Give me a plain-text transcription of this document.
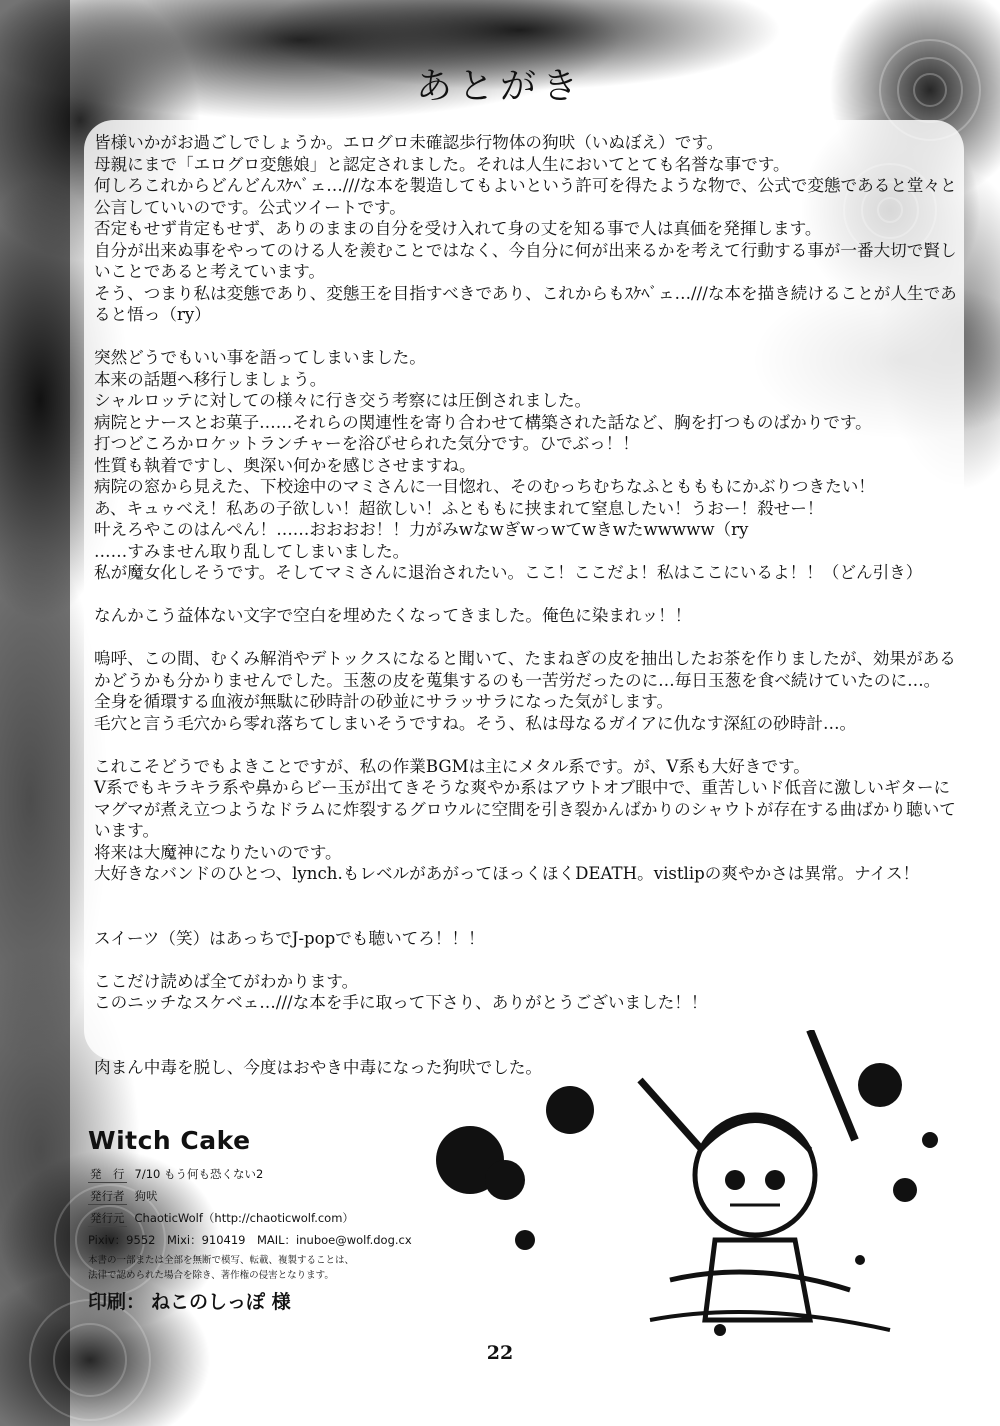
あとがき
皆様いかがお過ごしでしょうか。エログロ未確認歩行物体の狗吠（いぬぼえ）です。
母親にまで「エログロ変態娘」と認定されました。それは人生においてとても名誉な事です。
何しろこれからどんどんｽｹﾍﾞェ…///な本を製造してもよいという許可を得たような物で、公式で変態であると堂々と
公言していいのです。公式ツイートです。
否定もせず肯定もせず、ありのままの自分を受け入れて身の丈を知る事で人は真価を発揮します。
自分が出来ぬ事をやってのける人を羨むことではなく、今自分に何が出来るかを考えて行動する事が一番大切で賢し
いことであると考えています。
そう、つまり私は変態であり、変態王を目指すべきであり、これからもｽｹﾍﾞェ…///な本を描き続けることが人生であ
ると悟っ（ry）
突然どうでもいい事を語ってしまいました。
本来の話題へ移行しましょう。
シャルロッテに対しての様々に行き交う考察には圧倒されました。
病院とナースとお菓子……それらの関連性を寄り合わせて構築された話など、胸を打つものばかりです。
打つどころかロケットランチャーを浴びせられた気分です。ひでぶっ！！
性質も執着ですし、奥深い何かを感じさせますね。
病院の窓から見えた、下校途中のマミさんに一目惚れ、そのむっちむちなふともももにかぶりつきたい！
あ、キュゥべえ！私あの子欲しい！超欲しい！ふとももに挟まれて窒息したい！うおー！殺せー！
叶えろやこのはんぺん！……おおおお！！力がみwなwぎwっwてwきwたwwwww（ry
……すみません取り乱してしまいました。
私が魔女化しそうです。そしてマミさんに退治されたい。ここ！ここだよ！私はここにいるよ！！（どん引き）
なんかこう益体ない文字で空白を埋めたくなってきました。俺色に染まれッ！！
嗚呼、この間、むくみ解消やデトックスになると聞いて、たまねぎの皮を抽出したお茶を作りましたが、効果がある
かどうかも分かりませんでした。玉葱の皮を蒐集するのも一苦労だったのに…毎日玉葱を食べ続けていたのに…。
全身を循環する血液が無駄に砂時計の砂並にサラッサラになった気がします。
毛穴と言う毛穴から零れ落ちてしまいそうですね。そう、私は母なるガイアに仇なす深紅の砂時計…。
これこそどうでもよきことですが、私の作業BGMは主にメタル系です。が、V系も大好きです。
V系でもキラキラ系や鼻からビー玉が出てきそうな爽やか系はアウトオブ眼中で、重苦しいド低音に激しいギターに
マグマが煮え立つようなドラムに炸裂するグロウルに空間を引き裂かんばかりのシャウトが存在する曲ばかり聴いて
います。
将来は大魔神になりたいのです。
大好きなバンドのひとつ、lynch.もレベルがあがってほっくほくDEATH。vistlipの爽やかさは異常。ナイス！
スイーツ（笑）はあっちでJ-popでも聴いてろ！！！
ここだけ読めば全てがわかります。
このニッチなスケベェ…///な本を手に取って下さり、ありがとうございました！！
肉まん中毒を脱し、今度はおやき中毒になった狗吠でした。
Witch Cake
発　行 7/10 もう何も恐くない2
発行者 狗吠
発行元 ChaoticWolf（http://chaoticwolf.com）
Pixiv：9552　Mixi：910419　MAIL：inuboe@wolf.dog.cx
本書の一部または全部を無断で模写、転載、複製することは、
法律で認められた場合を除き、著作権の侵害となります。
印刷： ねこのしっぽ 様
22
